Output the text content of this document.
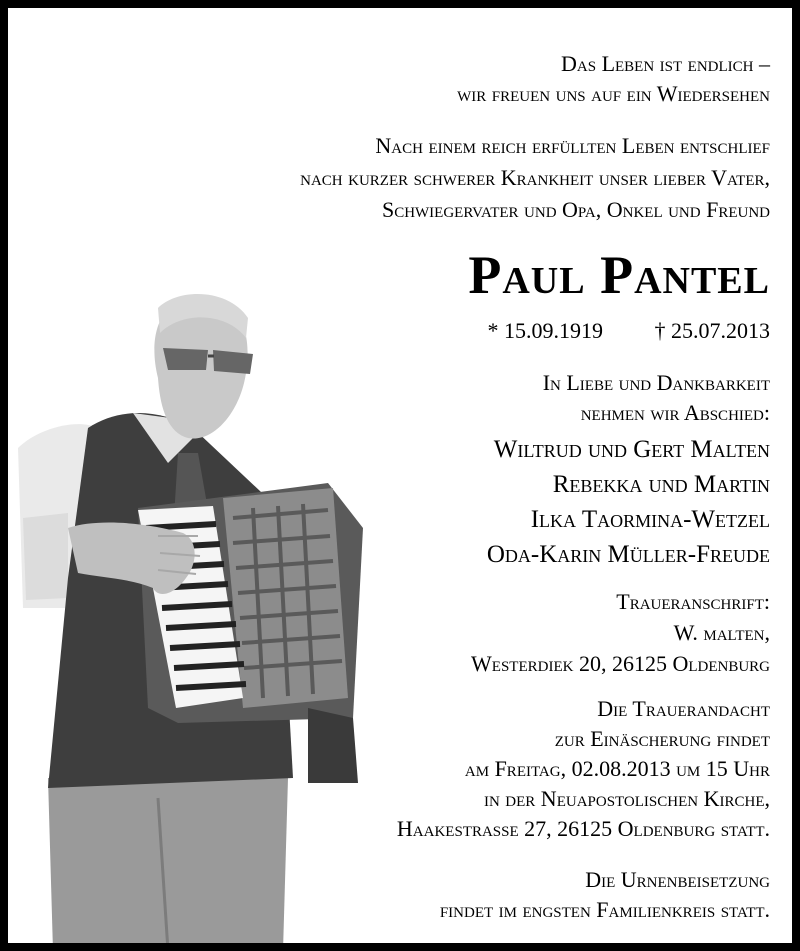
Das Leben ist endlich –
wir freuen uns auf ein Wiedersehen
Nach einem reich erfüllten Leben entschlief
nach kurzer schwerer Krankheit unser lieber Vater,
Schwiegervater und Opa, Onkel und Freund
Paul Pantel
* 15.09.1919 † 25.07.2013
In Liebe und Dankbarkeit
nehmen wir Abschied:
Wiltrud und Gert Malten
Rebekka und Martin
Ilka Taormina-Wetzel
Oda-Karin Müller-Freude
Traueranschrift:
W. malten,
Westerdiek 20, 26125 Oldenburg
Die Trauerandacht
zur Einäscherung findet
am Freitag, 02.08.2013 um 15 Uhr
in der Neuapostolischen Kirche,
Haakestraße 27, 26125 Oldenburg statt.
Die Urnenbeisetzung
findet im engsten Familienkreis statt.
